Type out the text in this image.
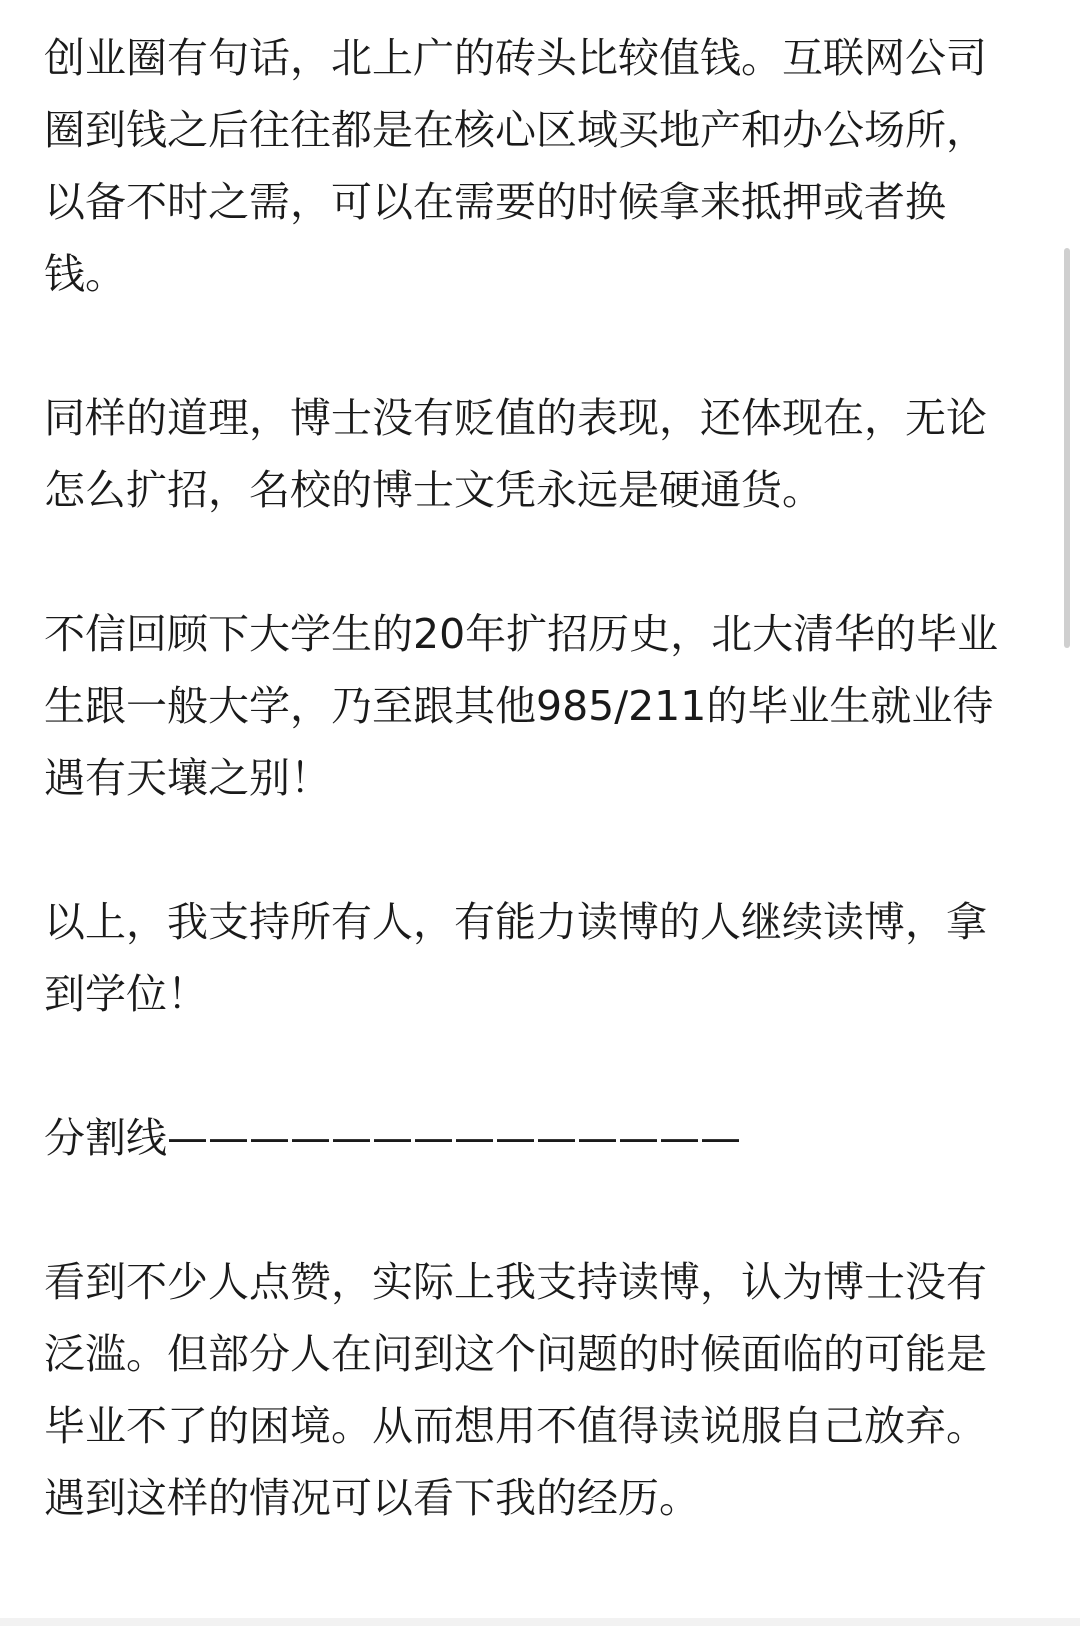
创业圈有句话，北上广的砖头比较值钱。互联网公司圈到钱之后往往都是在核心区域买地产和办公场所，以备不时之需，可以在需要的时候拿来抵押或者换钱。

同样的道理，博士没有贬值的表现，还体现在，无论怎么扩招，名校的博士文凭永远是硬通货。

不信回顾下大学生的20年扩招历史，北大清华的毕业生跟一般大学，乃至跟其他985/211的毕业生就业待遇有天壤之别！

以上，我支持所有人，有能力读博的人继续读博，拿到学位！

分割线——————————————

看到不少人点赞，实际上我支持读博，认为博士没有泛滥。但部分人在问到这个问题的时候面临的可能是毕业不了的困境。从而想用不值得读说服自己放弃。遇到这样的情况可以看下我的经历。
